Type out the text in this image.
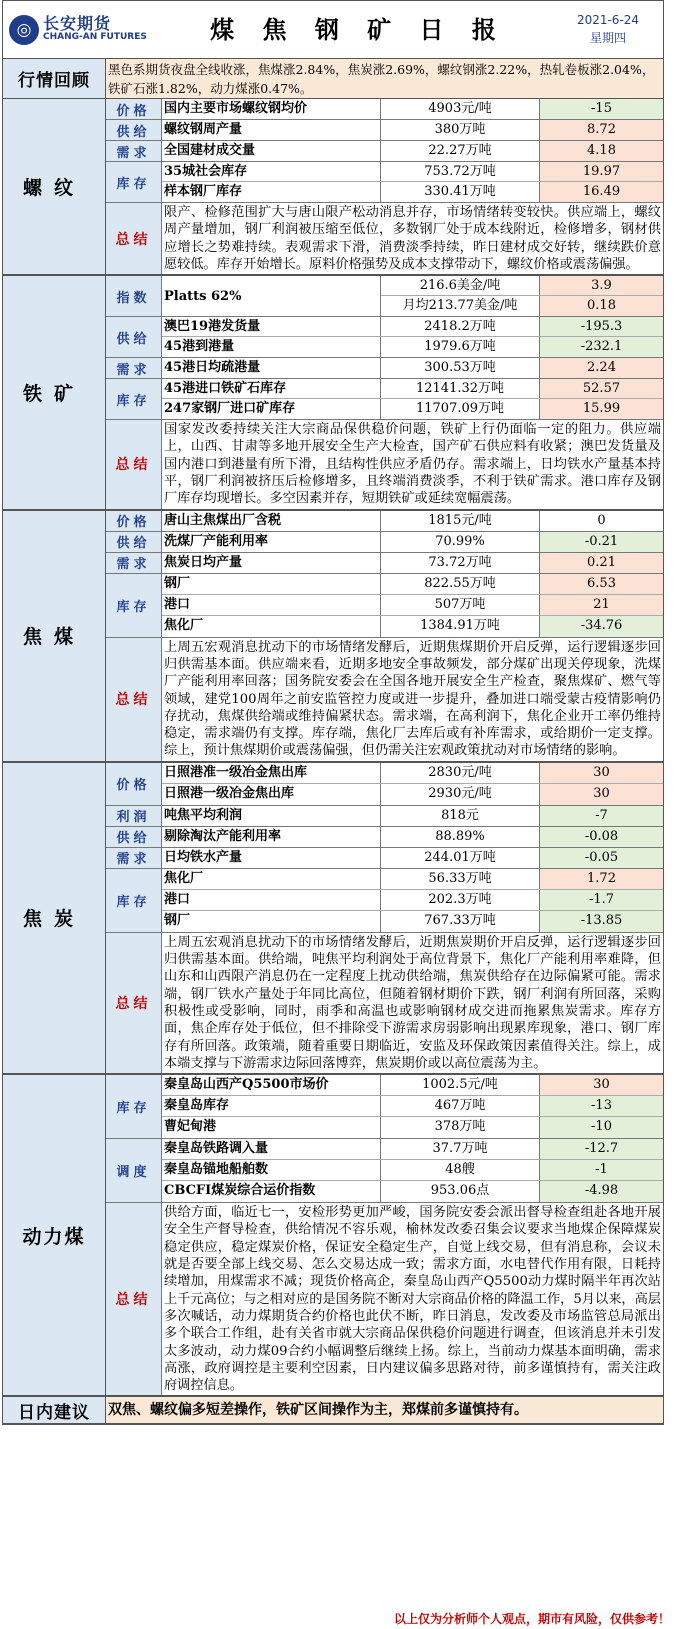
◎ 长安期货
CHANG-AN FUTURES	煤 焦 钢 矿 日 报	2021-6-24
星期四
行情回顾
黑色系期货夜盘全线收涨，焦煤涨2.84%，焦炭涨2.69%，螺纹钢涨2.22%，热轧卷板涨2.04%，铁矿石涨1.82%，动力煤涨0.47%。
螺纹
价格	国内主要市场螺纹钢均价	4903元/吨	-15
供给	螺纹钢周产量	380万吨	8.72
需求	全国建材成交量	22.27万吨	4.18
库存
35城社会库存	753.72万吨	19.97
样本钢厂库存	330.41万吨	16.49
总结
限产、检修范围扩大与唐山限产松动消息并存，市场情绪转变较快。供应端上，螺纹周产量增加，钢厂利润被压缩至低位，多数钢厂处于成本线附近，检修增多，钢材供应增长之势难持续。表观需求下滑，消费淡季持续，昨日建材成交好转，继续跌价意愿较低。库存开始增长。原料价格强势及成本支撑带动下，螺纹价格或震荡偏强。
铁矿
指数	Platts 62%
216.6美金/吨	3.9
月均213.77美金/吨	0.18
供给
澳巴19港发货量	2418.2万吨	-195.3
45港到港量	1979.6万吨	-232.1
需求	45港日均疏港量	300.53万吨	2.24
库存
45港进口铁矿石库存	12141.32万吨	52.57
247家钢厂进口矿库存	11707.09万吨	15.99
总结
国家发改委持续关注大宗商品保供稳价问题，铁矿上行仍面临一定的阻力。供应端上，山西、甘肃等多地开展安全生产大检查，国产矿石供应料有收紧；澳巴发货量及国内港口到港量有所下滑，且结构性供应矛盾仍存。需求端上，日均铁水产量基本持平，钢厂利润被挤压后检修增多，且终端消费淡季，不利于铁矿需求。港口库存及钢厂库存均现增长。多空因素并存，短期铁矿或延续宽幅震荡。
焦煤
价格	唐山主焦煤出厂含税	1815元/吨	0
供给	洗煤厂产能利用率	70.99%	-0.21
需求	焦炭日均产量	73.72万吨	0.21
库存
钢厂	822.55万吨	6.53
港口	507万吨	21
焦化厂	1384.91万吨	-34.76
总结
上周五宏观消息扰动下的市场情绪发酵后，近期焦煤期价开启反弹，运行逻辑逐步回归供需基本面。供应端来看，近期多地安全事故频发，部分煤矿出现关停现象，洗煤厂产能利用率回落；国务院安委会在全国各地开展安全生产检查，聚焦煤矿、燃气等领域，建党100周年之前安监管控力度或进一步提升，叠加进口端受蒙古疫情影响仍存扰动，焦煤供给端或维持偏紧状态。需求端，在高利润下，焦化企业开工率仍维持稳定，需求端仍有支撑。库存端，焦化厂去库后或有补库需求，或给期价一定支撑。综上，预计焦煤期价或震荡偏强，但仍需关注宏观政策扰动对市场情绪的影响。
焦炭
价格
日照港准一级冶金焦出库	2830元/吨	30
日照港一级冶金焦出库	2930元/吨	30
利润	吨焦平均利润	818元	-7
供给	剔除淘汰产能利用率	88.89%	-0.08
需求	日均铁水产量	244.01万吨	-0.05
库存
焦化厂	56.33万吨	1.72
港口	202.3万吨	-1.7
钢厂	767.33万吨	-13.85
总结
上周五宏观消息扰动下的市场情绪发酵后，近期焦炭期价开启反弹，运行逻辑逐步回归供需基本面。供给端，吨焦平均利润处于高位背景下，焦化厂产能利用率难降，但山东和山西限产消息仍在一定程度上扰动供给端，焦炭供给存在边际偏紧可能。需求端，钢厂铁水产量处于年同比高位，但随着钢材期价下跌，钢厂利润有所回落，采购积极性或受影响，同时，雨季和高温也或影响钢材成交进而拖累焦炭需求。库存方面，焦企库存处于低位，但不排除受下游需求房弱影响出现累库现象，港口、钢厂库存有所回落。政策端，随着重要日期临近，安监及环保政策因素值得关注。综上，成本端支撑与下游需求边际回落博弈，焦炭期价或以高位震荡为主。
动力煤
库存
秦皇岛山西产Q5500市场价	1002.5元/吨	30
秦皇岛库存	467万吨	-13
曹妃甸港	378万吨	-10
调度
秦皇岛铁路调入量	37.7万吨	-12.7
秦皇岛锚地船舶数	48艘	-1
CBCFI煤炭综合运价指数	953.06点	-4.98
总结
供给方面，临近七一，安检形势更加严峻，国务院安委会派出督导检查组赴各地开展安全生产督导检查，供给情况不容乐观，榆林发改委召集会议要求当地煤企保障煤炭稳定供应，稳定煤炭价格，保证安全稳定生产，自觉上线交易，但有消息称，会议未就是否要全部上线交易、怎么交易达成一致；需求方面，水电替代作用有限，日耗持续增加，用煤需求不减；现货价格高企，秦皇岛山西产Q5500动力煤时隔半年再次站上千元高位；与之相对应的是国务院不断对大宗商品价格的降温工作，5月以来，高层多次喊话，动力煤期货合约价格也此伏不断，昨日消息，发改委及市场监管总局派出多个联合工作组，赴有关省市就大宗商品保供稳价问题进行调查，但该消息并未引发太多波动，动力煤09合约小幅调整后继续上扬。综上，当前动力煤基本面明确，需求高涨，政府调控是主要利空因素，日内建议偏多思路对待，前多谨慎持有，需关注政府调控信息。
日内建议	双焦、螺纹偏多短差操作，铁矿区间操作为主，郑煤前多谨慎持有。
以上仅为分析师个人观点，期市有风险，仅供参考！
